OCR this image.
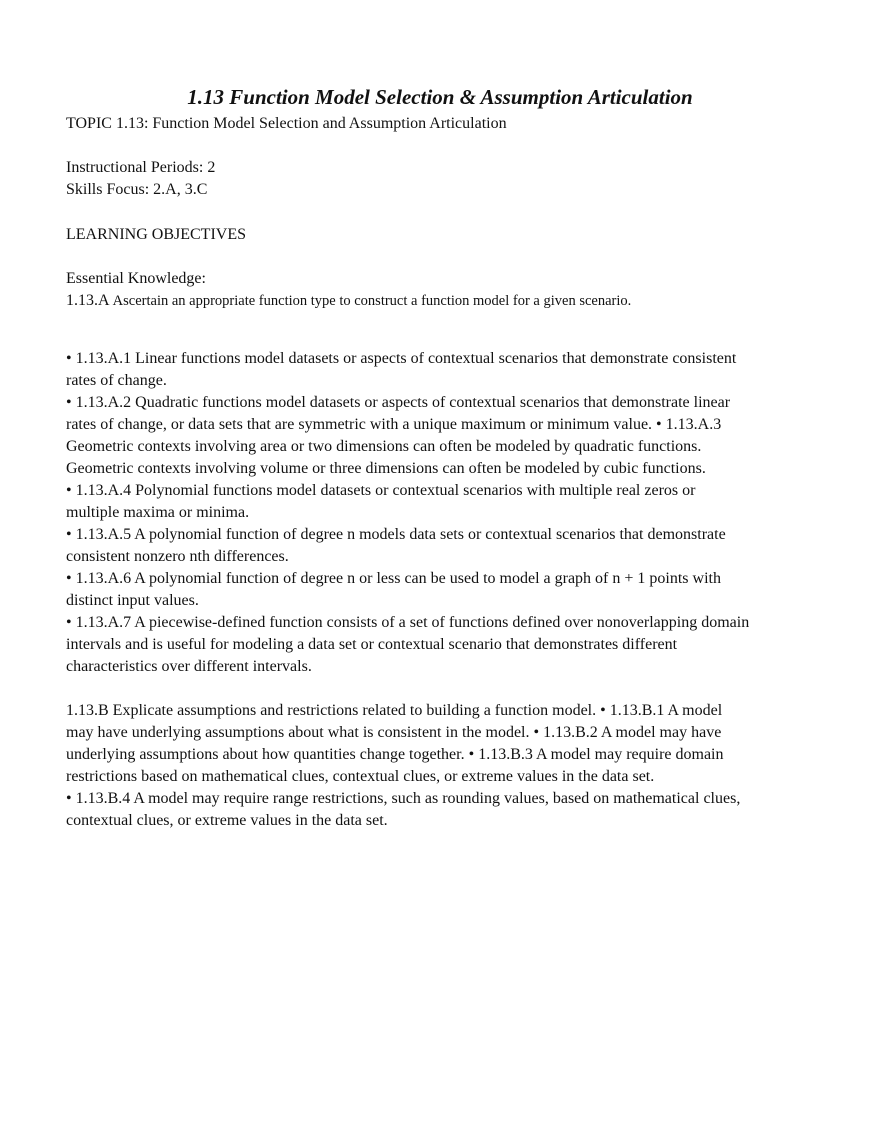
1.13 Function Model Selection & Assumption Articulation

TOPIC 1.13: Function Model Selection and Assumption Articulation

Instructional Periods: 2

Skills Focus: 2.A, 3.C

LEARNING OBJECTIVES

Essential Knowledge:

1.13.A Ascertain an appropriate function type to construct a function model for a given scenario.

• 1.13.A.1 Linear functions model datasets or aspects of contextual scenarios that demonstrate consistent
rates of change.
• 1.13.A.2 Quadratic functions model datasets or aspects of contextual scenarios that demonstrate linear
rates of change, or data sets that are symmetric with a unique maximum or minimum value. • 1.13.A.3
Geometric contexts involving area or two dimensions can often be modeled by quadratic functions.
Geometric contexts involving volume or three dimensions can often be modeled by cubic functions.
• 1.13.A.4 Polynomial functions model datasets or contextual scenarios with multiple real zeros or
multiple maxima or minima.
• 1.13.A.5 A polynomial function of degree n models data sets or contextual scenarios that demonstrate
consistent nonzero nth differences.
• 1.13.A.6 A polynomial function of degree n or less can be used to model a graph of n + 1 points with
distinct input values.
• 1.13.A.7 A piecewise-defined function consists of a set of functions defined over nonoverlapping domain
intervals and is useful for modeling a data set or contextual scenario that demonstrates different
characteristics over different intervals.

1.13.B Explicate assumptions and restrictions related to building a function model. • 1.13.B.1 A model
may have underlying assumptions about what is consistent in the model. • 1.13.B.2 A model may have
underlying assumptions about how quantities change together. • 1.13.B.3 A model may require domain
restrictions based on mathematical clues, contextual clues, or extreme values in the data set.
• 1.13.B.4 A model may require range restrictions, such as rounding values, based on mathematical clues,
contextual clues, or extreme values in the data set.
